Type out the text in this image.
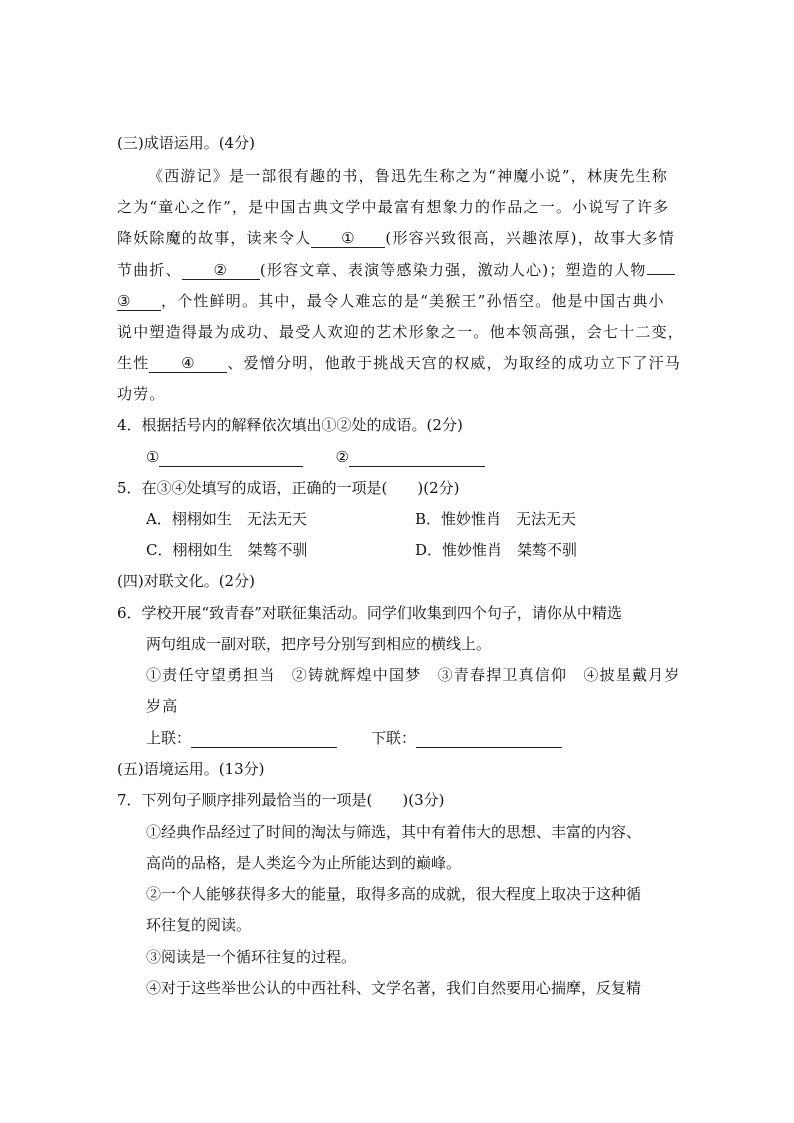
(三)成语运用。(4分)
《西游记》是一部很有趣的书，鲁迅先生称之为“神魔小说”，林庚先生称
之为“童心之作”，是中国古典文学中最富有想象力的作品之一。小说写了许多
降妖除魔的故事，读来令人 ① (形容兴致很高，兴趣浓厚)，故事大多情
节曲折、 ② (形容文章、表演等感染力强，激动人心)；塑造的人物
③ ，个性鲜明。其中，最令人难忘的是“美猴王”孙悟空。他是中国古典小
说中塑造得最为成功、最受人欢迎的艺术形象之一。他本领高强，会七十二变，
生性 ④ 、爱憎分明，他敢于挑战天宫的权威，为取经的成功立下了汗马
功劳。
4．根据括号内的解释依次填出①②处的成语。(2分)
①	②
5．在③④处填写的成语，正确的一项是(　　)(2分)
A．栩栩如生　无法无天	B．惟妙惟肖　无法无天
C．栩栩如生　桀骜不驯	D．惟妙惟肖　桀骜不驯
(四)对联文化。(2分)
6．学校开展“致青春”对联征集活动。同学们收集到四个句子，请你从中精选
两句组成一副对联，把序号分别写到相应的横线上。
①责任守望勇担当　②铸就辉煌中国梦　③青春捍卫真信仰　④披星戴月岁
岁高
上联：	下联：
(五)语境运用。(13分)
7．下列句子顺序排列最恰当的一项是(　　)(3分)
①经典作品经过了时间的淘汰与筛选，其中有着伟大的思想、丰富的内容、
高尚的品格，是人类迄今为止所能达到的巅峰。
②一个人能够获得多大的能量，取得多高的成就，很大程度上取决于这种循
环往复的阅读。
③阅读是一个循环往复的过程。
④对于这些举世公认的中西社科、文学名著，我们自然要用心揣摩，反复精
